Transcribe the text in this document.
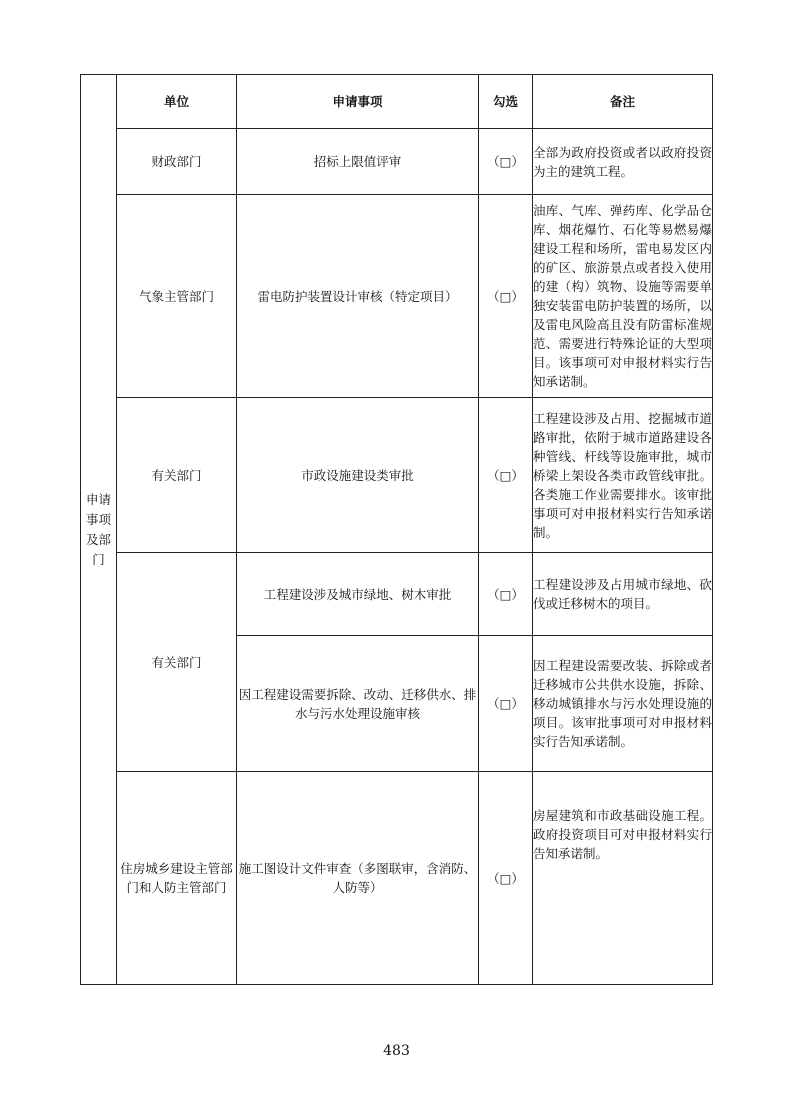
申请事项及部门	单位	申请事项	勾选	备注
	财政部门	招标上限值评审	（□）	全部为政府投资或者以政府投资为主的建筑工程。
	气象主管部门	雷电防护装置设计审核（特定项目）	（□）	油库、气库、弹药库、化学品仓库、烟花爆竹、石化等易燃易爆建设工程和场所，雷电易发区内的矿区、旅游景点或者投入使用的建（构）筑物、设施等需要单独安装雷电防护装置的场所，以及雷电风险高且没有防雷标准规范、需要进行特殊论证的大型项目。该事项可对申报材料实行告知承诺制。
	有关部门	市政设施建设类审批	（□）	工程建设涉及占用、挖掘城市道路审批，依附于城市道路建设各种管线、杆线等设施审批，城市桥梁上架设各类市政管线审批。各类施工作业需要排水。该审批事项可对申报材料实行告知承诺制。
	有关部门	工程建设涉及城市绿地、树木审批	（□）	工程建设涉及占用城市绿地、砍伐或迁移树木的项目。
		因工程建设需要拆除、改动、迁移供水、排水与污水处理设施审核	（□）	因工程建设需要改装、拆除或者迁移城市公共供水设施，拆除、移动城镇排水与污水处理设施的项目。该审批事项可对申报材料实行告知承诺制。
	住房城乡建设主管部门和人防主管部门	施工图设计文件审查（多图联审，含消防、人防等）	（□）	房屋建筑和市政基础设施工程。政府投资项目可对申报材料实行告知承诺制。
483
